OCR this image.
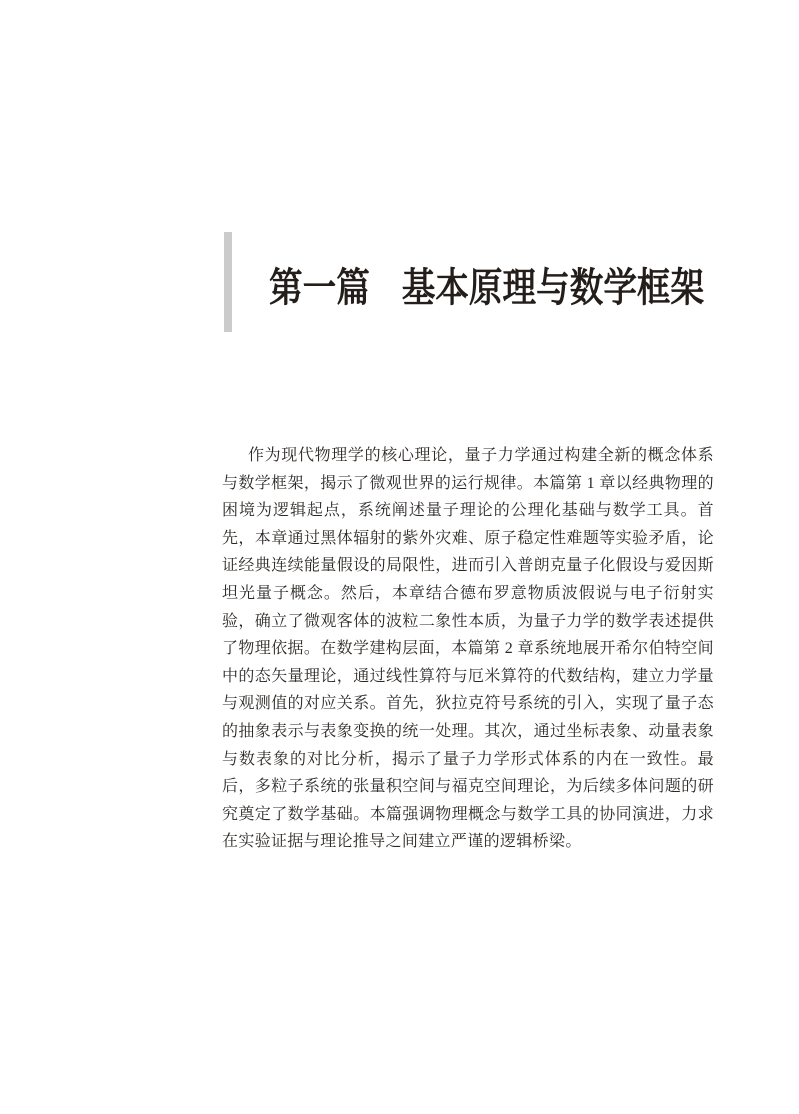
第一篇 基本原理与数学框架

作为现代物理学的核心理论，量子力学通过构建全新的概念体系与数学框架，揭示了微观世界的运行规律。本篇第 1 章以经典物理的困境为逻辑起点，系统阐述量子理论的公理化基础与数学工具。首先，本章通过黑体辐射的紫外灾难、原子稳定性难题等实验矛盾，论证经典连续能量假设的局限性，进而引入普朗克量子化假设与爱因斯坦光量子概念。然后，本章结合德布罗意物质波假说与电子衍射实验，确立了微观客体的波粒二象性本质，为量子力学的数学表述提供了物理依据。在数学建构层面，本篇第 2 章系统地展开希尔伯特空间中的态矢量理论，通过线性算符与厄米算符的代数结构，建立力学量与观测值的对应关系。首先，狄拉克符号系统的引入，实现了量子态的抽象表示与表象变换的统一处理。其次，通过坐标表象、动量表象与数表象的对比分析，揭示了量子力学形式体系的内在一致性。最后，多粒子系统的张量积空间与福克空间理论，为后续多体问题的研究奠定了数学基础。本篇强调物理概念与数学工具的协同演进，力求在实验证据与理论推导之间建立严谨的逻辑桥梁。
